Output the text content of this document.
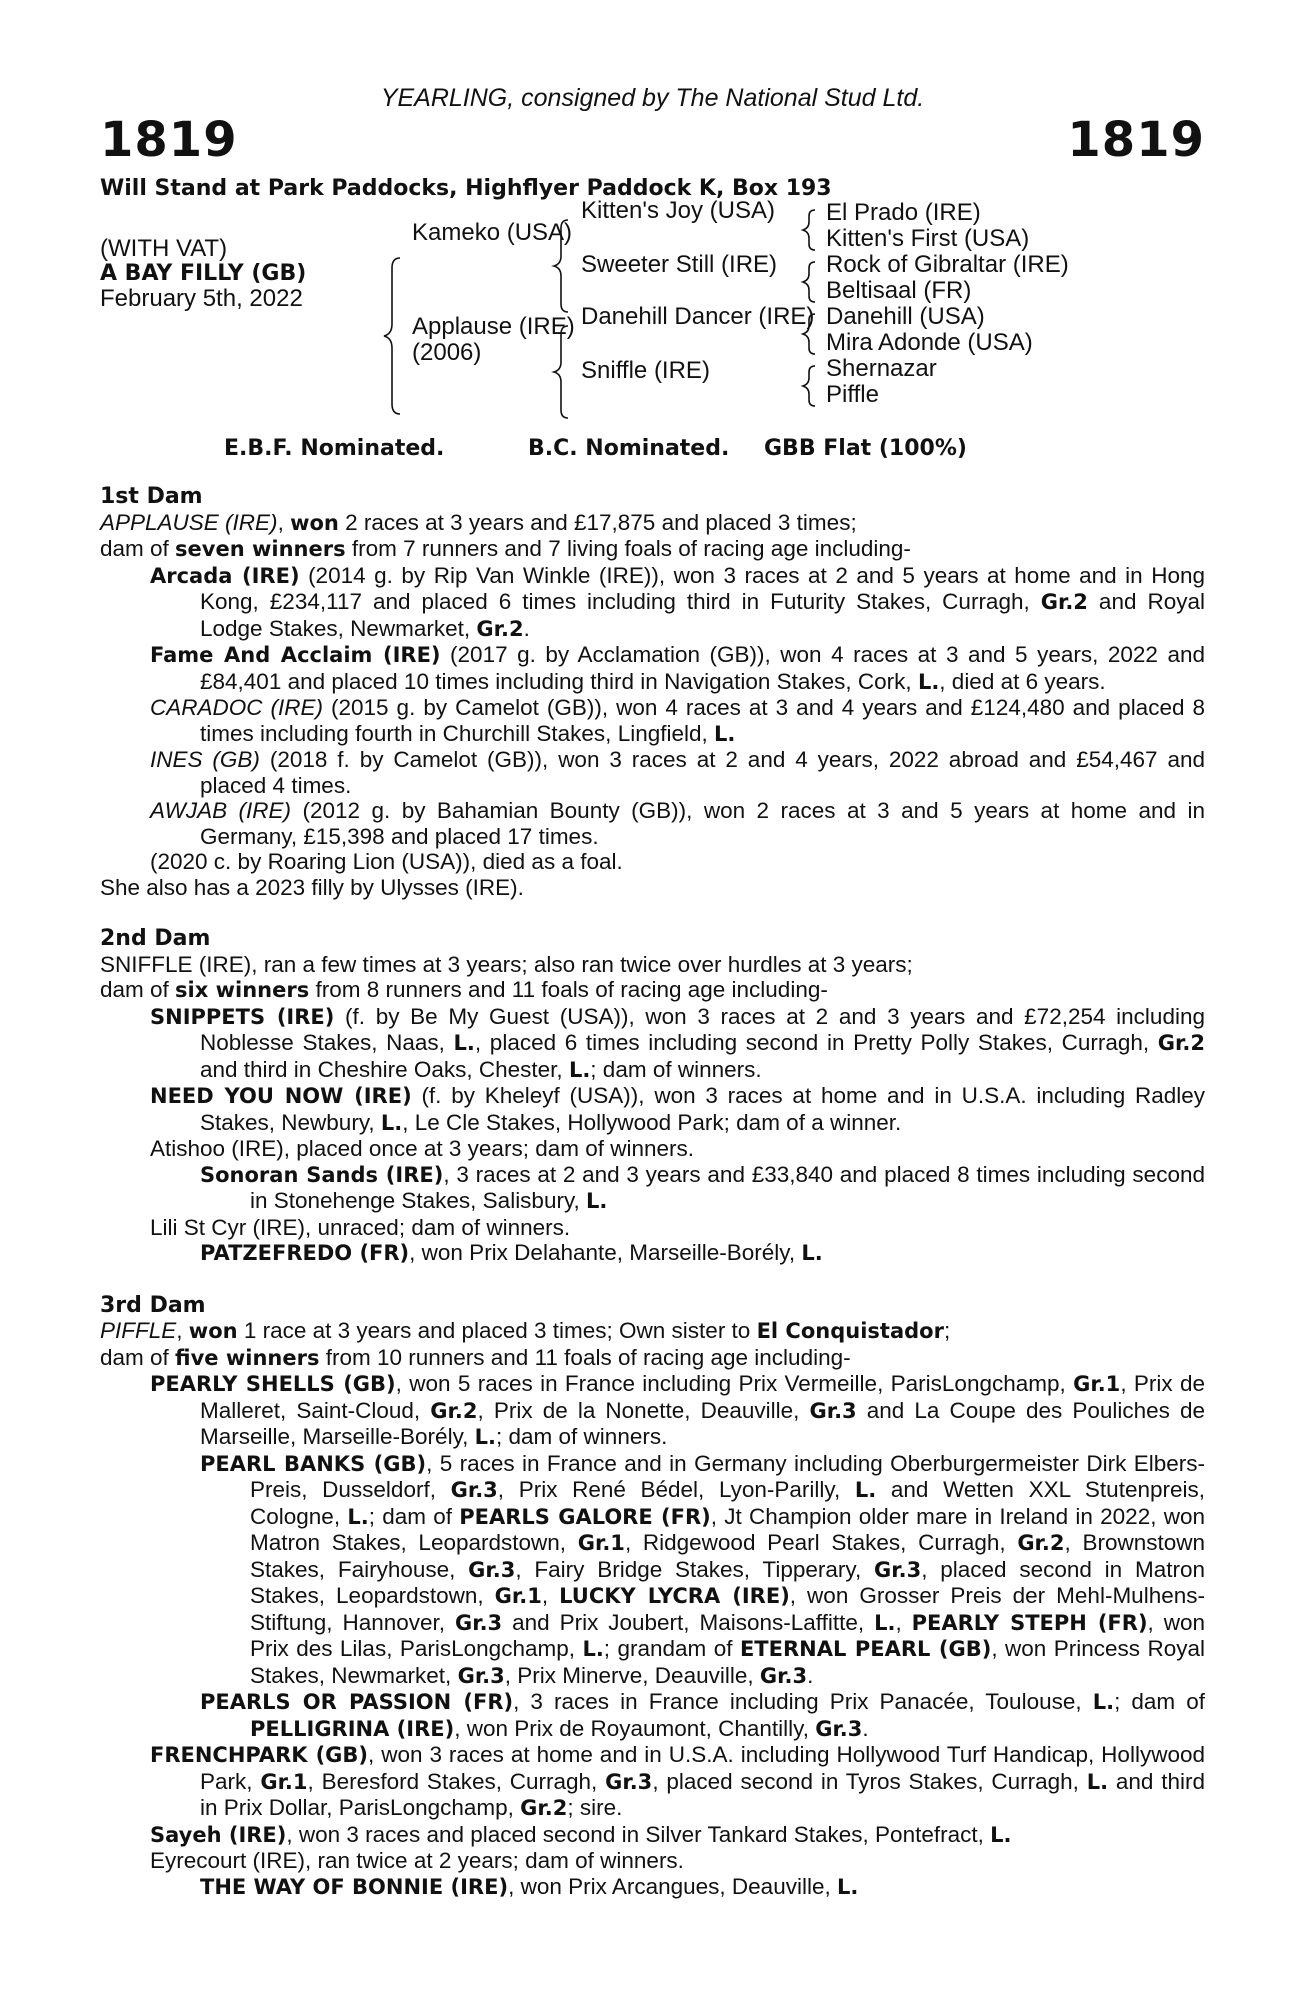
YEARLING, consigned by The National Stud Ltd.
1819	1819
Will Stand at Park Paddocks, Highflyer Paddock K, Box 193
(WITH VAT)
A BAY FILLY (GB)
February 5th, 2022
Kameko (USA)
Applause (IRE)
(2006)
Kitten's Joy (USA)
Sweeter Still (IRE)
Danehill Dancer (IRE)
Sniffle (IRE)
El Prado (IRE)
Kitten's First (USA)
Rock of Gibraltar (IRE)
Beltisaal (FR)
Danehill (USA)
Mira Adonde (USA)
Shernazar
Piffle
E.B.F. Nominated.	B.C. Nominated. GBB Flat (100%)
1st Dam
APPLAUSE (IRE), won 2 races at 3 years and £17,875 and placed 3 times;
dam of seven winners from 7 runners and 7 living foals of racing age including-
Arcada (IRE) (2014 g. by Rip Van Winkle (IRE)), won 3 races at 2 and 5 years at home and in Hong Kong, £234,117 and placed 6 times including third in Futurity Stakes, Curragh, Gr.2 and Royal Lodge Stakes, Newmarket, Gr.2.
Fame And Acclaim (IRE) (2017 g. by Acclamation (GB)), won 4 races at 3 and 5 years, 2022 and £84,401 and placed 10 times including third in Navigation Stakes, Cork, L., died at 6 years.
CARADOC (IRE) (2015 g. by Camelot (GB)), won 4 races at 3 and 4 years and £124,480 and placed 8 times including fourth in Churchill Stakes, Lingfield, L.
INES (GB) (2018 f. by Camelot (GB)), won 3 races at 2 and 4 years, 2022 abroad and £54,467 and placed 4 times.
AWJAB (IRE) (2012 g. by Bahamian Bounty (GB)), won 2 races at 3 and 5 years at home and in Germany, £15,398 and placed 17 times.
(2020 c. by Roaring Lion (USA)), died as a foal.
She also has a 2023 filly by Ulysses (IRE).
2nd Dam
SNIFFLE (IRE), ran a few times at 3 years; also ran twice over hurdles at 3 years;
dam of six winners from 8 runners and 11 foals of racing age including-
SNIPPETS (IRE) (f. by Be My Guest (USA)), won 3 races at 2 and 3 years and £72,254 including Noblesse Stakes, Naas, L., placed 6 times including second in Pretty Polly Stakes, Curragh, Gr.2 and third in Cheshire Oaks, Chester, L.; dam of winners.
NEED YOU NOW (IRE) (f. by Kheleyf (USA)), won 3 races at home and in U.S.A. including Radley Stakes, Newbury, L., Le Cle Stakes, Hollywood Park; dam of a winner.
Atishoo (IRE), placed once at 3 years; dam of winners.
Sonoran Sands (IRE), 3 races at 2 and 3 years and £33,840 and placed 8 times including second in Stonehenge Stakes, Salisbury, L.
Lili St Cyr (IRE), unraced; dam of winners.
PATZEFREDO (FR), won Prix Delahante, Marseille-Borély, L.
3rd Dam
PIFFLE, won 1 race at 3 years and placed 3 times; Own sister to El Conquistador;
dam of five winners from 10 runners and 11 foals of racing age including-
PEARLY SHELLS (GB), won 5 races in France including Prix Vermeille, ParisLongchamp, Gr.1, Prix de Malleret, Saint-Cloud, Gr.2, Prix de la Nonette, Deauville, Gr.3 and La Coupe des Pouliches de Marseille, Marseille-Borély, L.; dam of winners.
PEARL BANKS (GB), 5 races in France and in Germany including Oberburgermeister Dirk Elbers-Preis, Dusseldorf, Gr.3, Prix René Bédel, Lyon-Parilly, L. and Wetten XXL Stutenpreis, Cologne, L.; dam of PEARLS GALORE (FR), Jt Champion older mare in Ireland in 2022, won Matron Stakes, Leopardstown, Gr.1, Ridgewood Pearl Stakes, Curragh, Gr.2, Brownstown Stakes, Fairyhouse, Gr.3, Fairy Bridge Stakes, Tipperary, Gr.3, placed second in Matron Stakes, Leopardstown, Gr.1, LUCKY LYCRA (IRE), won Grosser Preis der Mehl-Mulhens-Stiftung, Hannover, Gr.3 and Prix Joubert, Maisons-Laffitte, L., PEARLY STEPH (FR), won Prix des Lilas, ParisLongchamp, L.; grandam of ETERNAL PEARL (GB), won Princess Royal Stakes, Newmarket, Gr.3, Prix Minerve, Deauville, Gr.3.
PEARLS OR PASSION (FR), 3 races in France including Prix Panacée, Toulouse, L.; dam of PELLIGRINA (IRE), won Prix de Royaumont, Chantilly, Gr.3.
FRENCHPARK (GB), won 3 races at home and in U.S.A. including Hollywood Turf Handicap, Hollywood Park, Gr.1, Beresford Stakes, Curragh, Gr.3, placed second in Tyros Stakes, Curragh, L. and third in Prix Dollar, ParisLongchamp, Gr.2; sire.
Sayeh (IRE), won 3 races and placed second in Silver Tankard Stakes, Pontefract, L.
Eyrecourt (IRE), ran twice at 2 years; dam of winners.
THE WAY OF BONNIE (IRE), won Prix Arcangues, Deauville, L.
